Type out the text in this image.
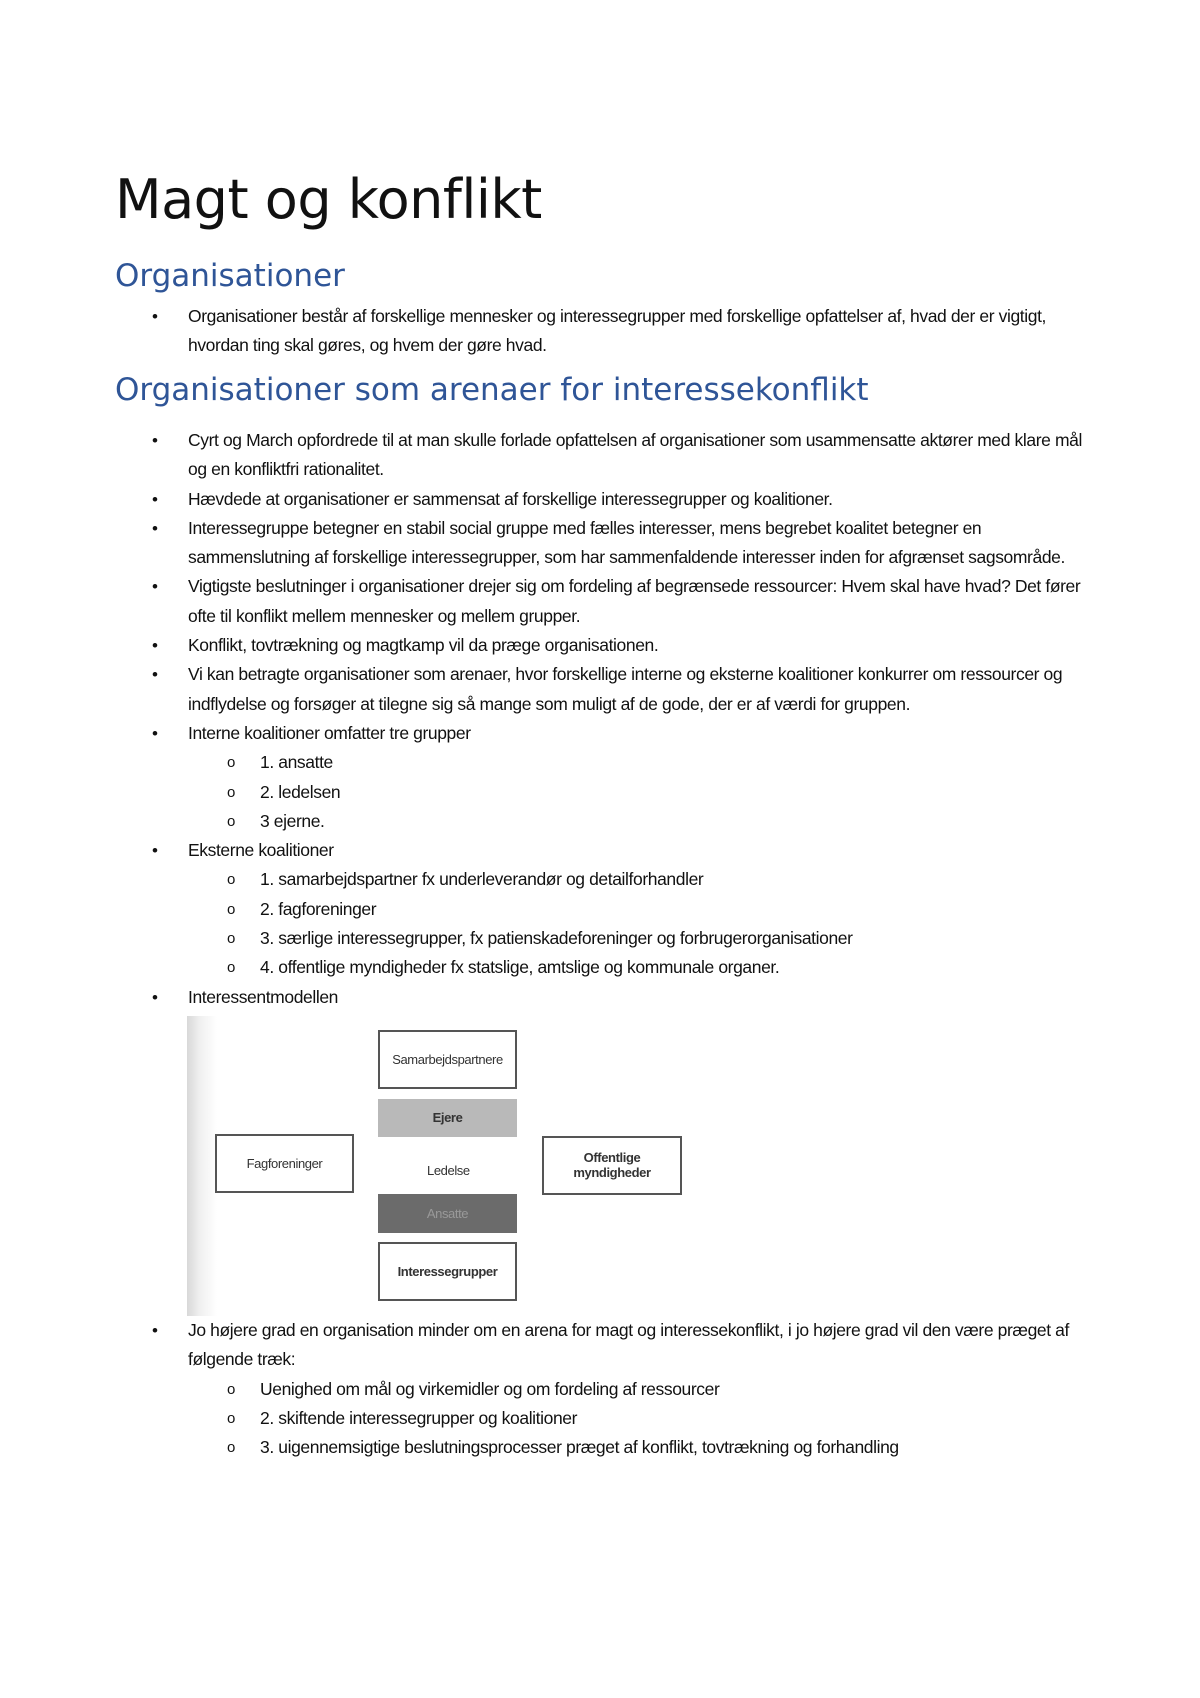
Magt og konflikt
Organisationer
• Organisationer består af forskellige mennesker og interessegrupper med forskellige opfattelser af, hvad der er vigtigt, hvordan ting skal gøres, og hvem der gøre hvad.
Organisationer som arenaer for interessekonflikt
• Cyrt og March opfordrede til at man skulle forlade opfattelsen af organisationer som usammensatte aktører med klare mål og en konfliktfri rationalitet.
• Hævdede at organisationer er sammensat af forskellige interessegrupper og koalitioner.
• Interessegruppe betegner en stabil social gruppe med fælles interesser, mens begrebet koalitet betegner en sammenslutning af forskellige interessegrupper, som har sammenfaldende interesser inden for afgrænset sagsområde.
• Vigtigste beslutninger i organisationer drejer sig om fordeling af begrænsede ressourcer: Hvem skal have hvad? Det fører ofte til konflikt mellem mennesker og mellem grupper.
• Konflikt, tovtrækning og magtkamp vil da præge organisationen.
• Vi kan betragte organisationer som arenaer, hvor forskellige interne og eksterne koalitioner konkurrer om ressourcer og indflydelse og forsøger at tilegne sig så mange som muligt af de gode, der er af værdi for gruppen.
• Interne koalitioner omfatter tre grupper
o 1. ansatte
o 2. ledelsen
o 3 ejerne.
• Eksterne koalitioner
o 1. samarbejdspartner fx underleverandør og detailforhandler
o 2. fagforeninger
o 3. særlige interessegrupper, fx patienskadeforeninger og forbrugerorganisationer
o 4. offentlige myndigheder fx statslige, amtslige og kommunale organer.
• Interessentmodellen
Samarbejdspartnere
Ejere
Fagforeninger	Ledelse
Offentlige myndigheder
Ansatte
Interessegrupper
• Jo højere grad en organisation minder om en arena for magt og interessekonflikt, i jo højere grad vil den være præget af følgende træk:
o Uenighed om mål og virkemidler og om fordeling af ressourcer
o 2. skiftende interessegrupper og koalitioner
o 3. uigennemsigtige beslutningsprocesser præget af konflikt, tovtrækning og forhandling
